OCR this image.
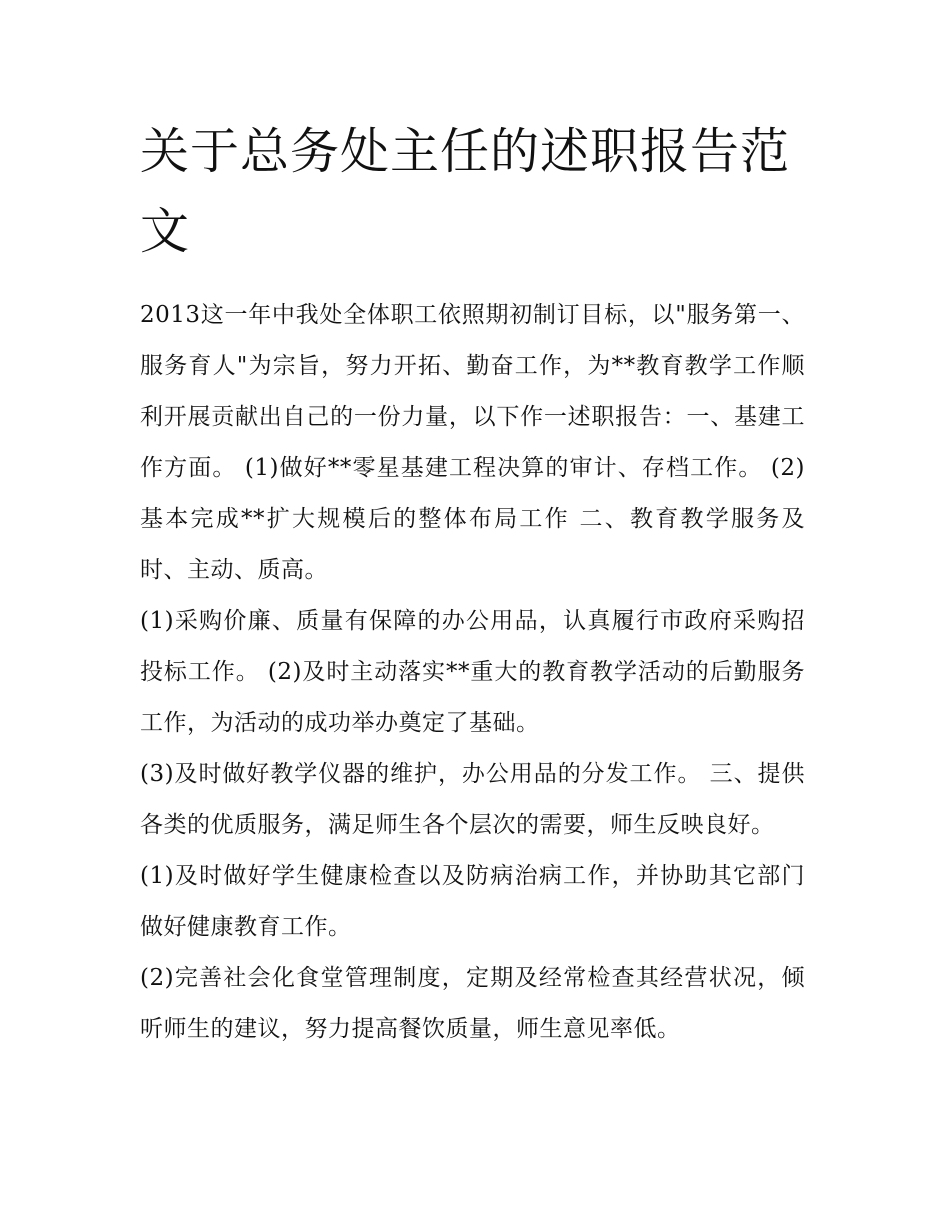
关于总务处主任的述职报告范文

2013这一年中我处全体职工依照期初制订目标，以"服务第一、服务育人"为宗旨，努力开拓、勤奋工作，为**教育教学工作顺利开展贡献出自己的一份力量，以下作一述职报告：一、基建工作方面。 (1)做好**零星基建工程决算的审计、存档工作。 (2)基本完成**扩大规模后的整体布局工作 二、教育教学服务及时、主动、质高。

(1)采购价廉、质量有保障的办公用品，认真履行市政府采购招投标工作。 (2)及时主动落实**重大的教育教学活动的后勤服务工作，为活动的成功举办奠定了基础。

(3)及时做好教学仪器的维护，办公用品的分发工作。 三、提供各类的优质服务，满足师生各个层次的需要，师生反映良好。

(1)及时做好学生健康检查以及防病治病工作，并协助其它部门做好健康教育工作。

(2)完善社会化食堂管理制度，定期及经常检查其经营状况，倾听师生的建议，努力提高餐饮质量，师生意见率低。
